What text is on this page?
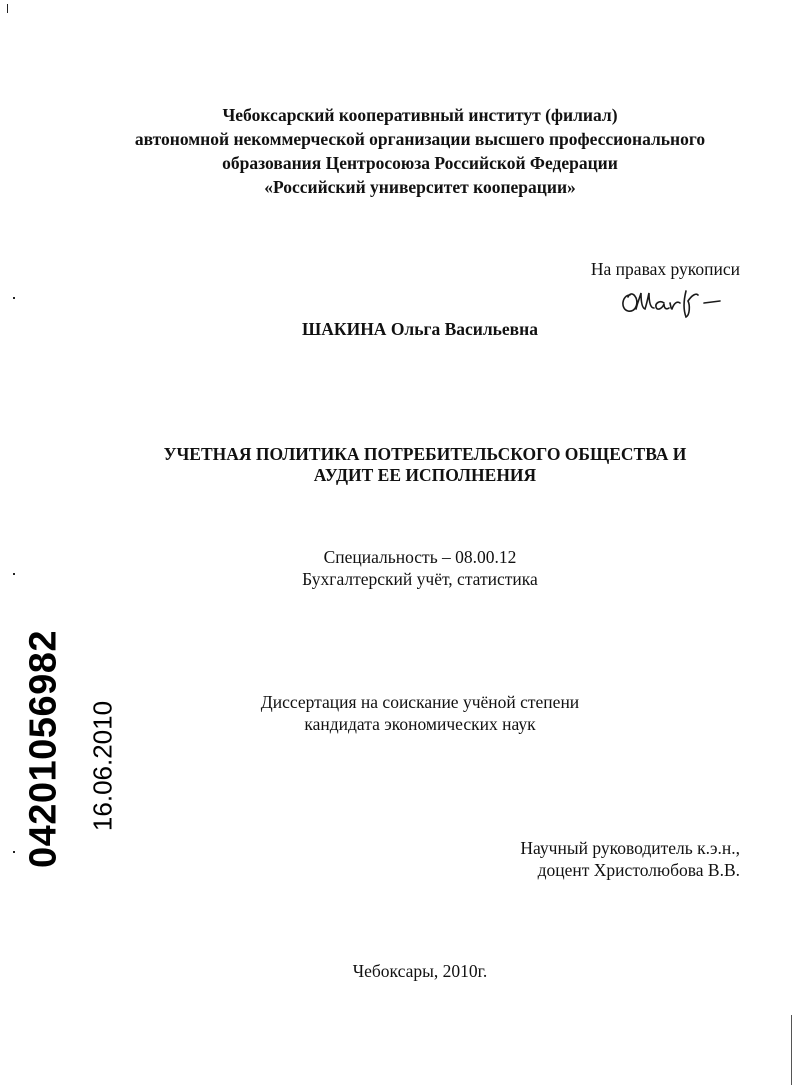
Чебоксарский кооперативный институт (филиал)
автономной некоммерческой организации высшего профессионального
образования Центросоюза Российской Федерации
«Российский университет кооперации»
На правах рукописи
ШАКИНА Ольга Васильевна
УЧЕТНАЯ ПОЛИТИКА ПОТРЕБИТЕЛЬСКОГО ОБЩЕСТВА И
АУДИТ ЕЕ ИСПОЛНЕНИЯ
Специальность – 08.00.12
Бухгалтерский учёт, статистика
Диссертация на соискание учёной степени
кандидата экономических наук
Научный руководитель к.э.н.,
доцент Христолюбова В.В.
Чебоксары, 2010г.
04201056982 16.06.2010
